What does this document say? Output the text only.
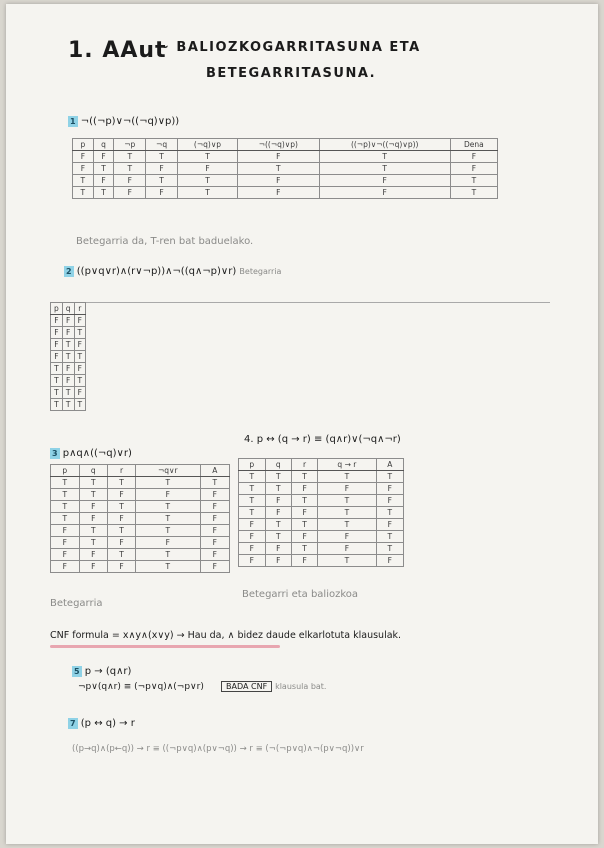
1. AAut
~ BALIOZKOGARRITASUNA ETA
BETEGARRITASUNA.
1 ¬((¬p)∨¬((¬q)∨p))
p	q	¬p	¬q	(¬q)∨p	¬((¬q)∨p)	((¬p)∨¬((¬q)∨p))	Dena
F	F	T	T	T	F	T	F
F	T	T	F	F	T	T	F
T	F	F	T	T	F	F	T
T	T	F	F	T	F	F	T
Betegarria da, T-ren bat baduelako.
2 ((p∨q∨r)∧(r∨¬p))∧¬((q∧¬p)∨r) Betegarria
p	q	r
F	F	F
F	F	T
F	T	F
F	T	T
T	F	F
T	F	T
T	T	F
T	T	T
3 p∧q∧((¬q)∨r)
p	q	r	¬q∨r	A
T	T	T	T	T
T	T	F	F	F
T	F	T	T	F
T	F	F	T	F
F	T	T	T	F
F	T	F	F	F
F	F	T	T	F
F	F	F	T	F
Betegarria
4. p ↔ (q → r) ≡ (q∧r)∨(¬q∧¬r)
p	q	r	q → r	A
T	T	T	T	T
T	T	F	F	F
T	F	T	T	F
T	F	F	T	T
F	T	T	T	F
F	T	F	F	T
F	F	T	F	T
F	F	F	T	F
Betegarri eta baliozkoa
CNF formula = x∧y∧(x∨y) → Hau da, ∧ bidez daude elkarlotuta klausulak.
5 p → (q∧r)
¬p∨(q∧r) ≡ (¬p∨q)∧(¬p∨r)	BADA CNF klausula bat.
7 (p ↔ q) → r
((p→q)∧(p←q)) → r ≡ ((¬p∨q)∧(p∨¬q)) → r ≡ (¬(¬p∨q)∧¬(p∨¬q))∨r
